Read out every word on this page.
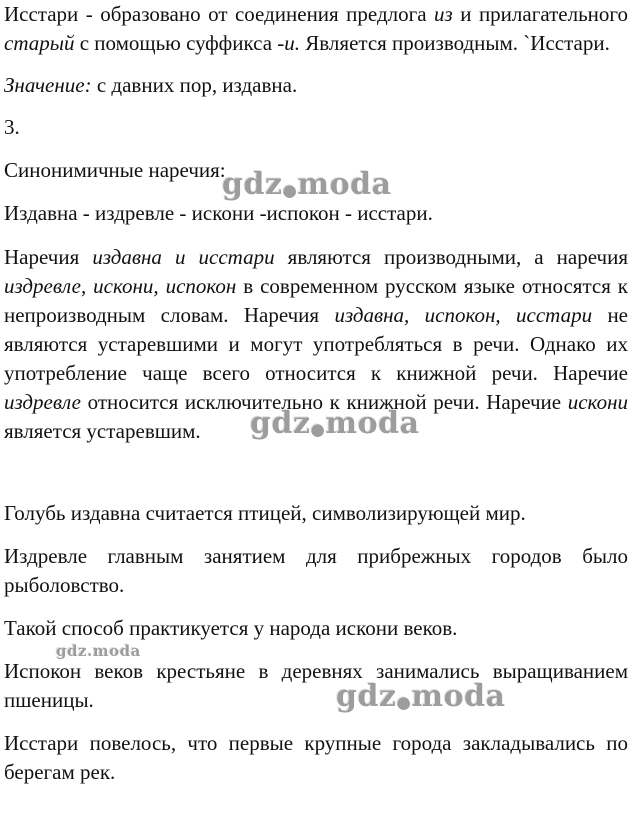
Исстари - образовано от соединения предлога из и прилагательного старый с помощью суффикса -и. Является производным. `Исстари.

Значение: с давних пор, издавна.

3.

Синонимичные наречия:

Издавна - издревле - искони -испокон - исстари.

Наречия издавна и исстари являются производными, а наречия издревле, искони, испокон в современном русском языке относятся к непроизводным словам. Наречия издавна, испокон, исстари не являются устаревшими и могут употребляться в речи. Однако их употребление чаще всего относится к книжной речи. Наречие издревле относится исключительно к книжной речи. Наречие искони является устаревшим.

Голубь издавна считается птицей, символизирующей мир.

Издревле главным занятием для прибрежных городов было рыболовство.

Такой способ практикуется у народа искони веков.

Испокон веков крестьяне в деревнях занимались выращиванием пшеницы.

Исстари повелось, что первые крупные города закладывались по берегам рек.

gdz●moda
gdz●moda
gdz.moda
gdz●moda
